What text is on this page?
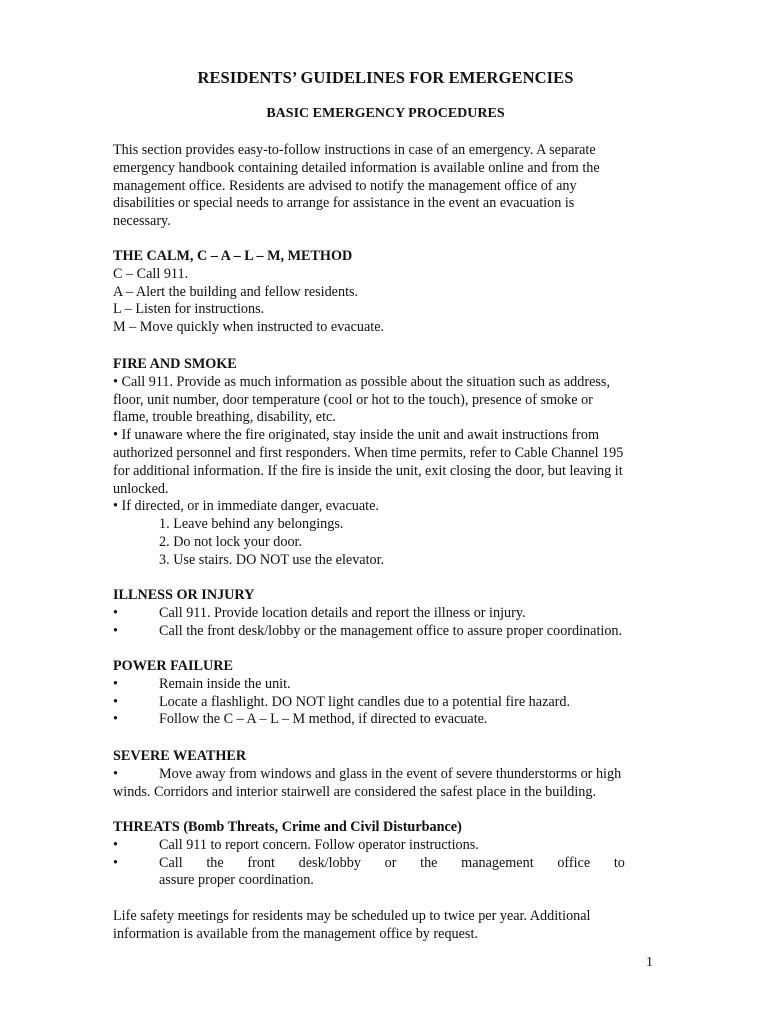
RESIDENTS’ GUIDELINES FOR EMERGENCIES
BASIC EMERGENCY PROCEDURES

This section provides easy-to-follow instructions in case of an emergency. A separate

emergency handbook containing detailed information is available online and from the

management office. Residents are advised to notify the management office of any

disabilities or special needs to arrange for assistance in the event an evacuation is

necessary.

THE CALM, C – A – L – M, METHOD

C – Call 911.

A – Alert the building and fellow residents.

L – Listen for instructions.

M – Move quickly when instructed to evacuate.

FIRE AND SMOKE

• Call 911. Provide as much information as possible about the situation such as address,

floor, unit number, door temperature (cool or hot to the touch), presence of smoke or

flame, trouble breathing, disability, etc.

• If unaware where the fire originated, stay inside the unit and await instructions from

authorized personnel and first responders. When time permits, refer to Cable Channel 195

for additional information. If the fire is inside the unit, exit closing the door, but leaving it

unlocked.

• If directed, or in immediate danger, evacuate.

1. Leave behind any belongings.

2. Do not lock your door.

3. Use stairs. DO NOT use the elevator.

ILLNESS OR INJURY

•	Call 911. Provide location details and report the illness or injury.
•	Call the front desk/lobby or the management office to assure proper coordination.

POWER FAILURE

•	Remain inside the unit.
•	Locate a flashlight. DO NOT light candles due to a potential fire hazard.
•	Follow the C – A – L – M method, if directed to evacuate.

SEVERE WEATHER

•	Move away from windows and glass in the event of severe thunderstorms or high

winds. Corridors and interior stairwell are considered the safest place in the building.

THREATS (Bomb Threats, Crime and Civil Disturbance)

•	Call 911 to report concern. Follow operator instructions.
•	Call the front desk/lobby or the management office to
assure proper coordination.

Life safety meetings for residents may be scheduled up to twice per year. Additional

information is available from the management office by request.

1
